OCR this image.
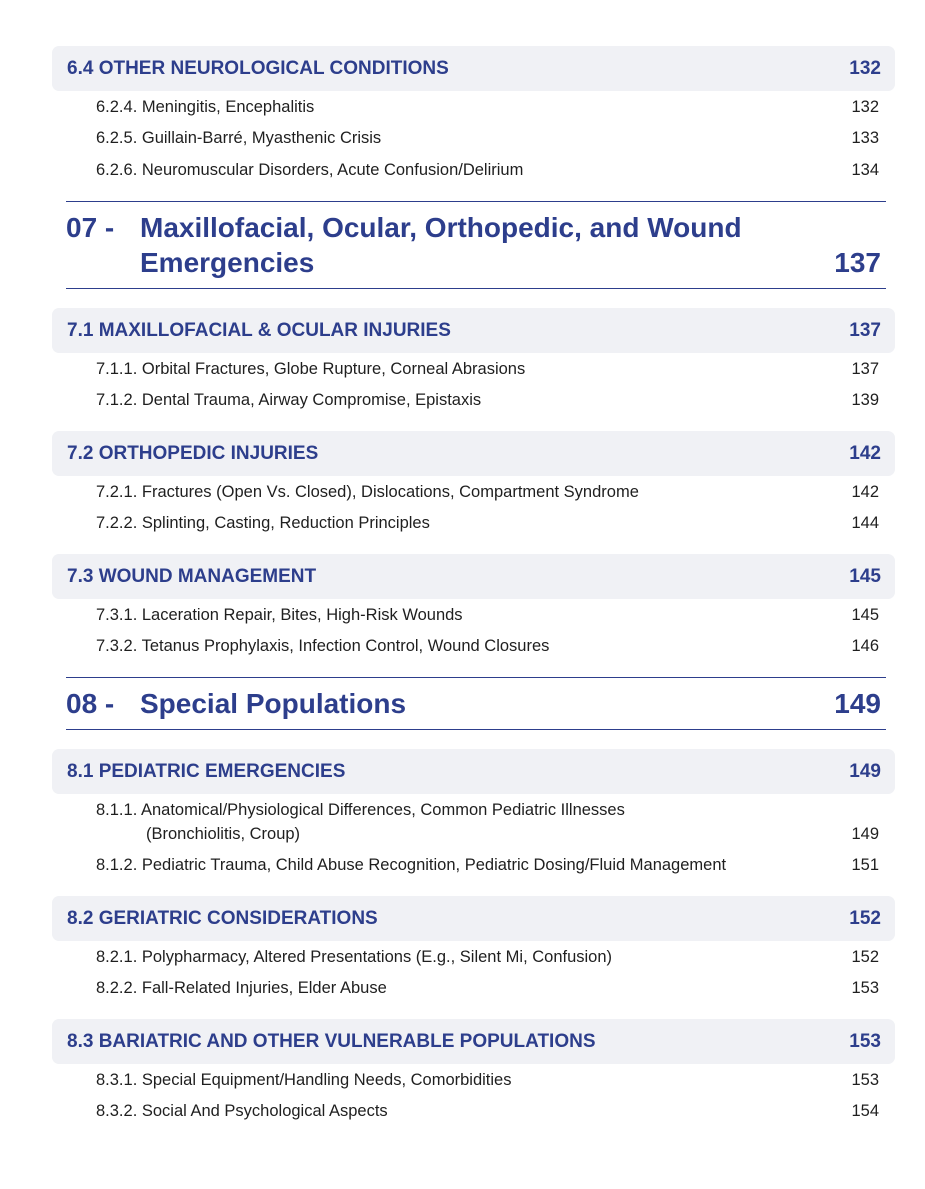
6.4 OTHER NEUROLOGICAL CONDITIONS	132
6.2.4. Meningitis, Encephalitis	132
6.2.5. Guillain-Barré, Myasthenic Crisis	133
6.2.6. Neuromuscular Disorders, Acute Confusion/Delirium	134
07 - Maxillofacial, Ocular, Orthopedic, and Wound Emergencies	137
7.1 MAXILLOFACIAL & OCULAR INJURIES	137
7.1.1. Orbital Fractures, Globe Rupture, Corneal Abrasions	137
7.1.2. Dental Trauma, Airway Compromise, Epistaxis	139
7.2 ORTHOPEDIC INJURIES	142
7.2.1. Fractures (Open Vs. Closed), Dislocations, Compartment Syndrome	142
7.2.2. Splinting, Casting, Reduction Principles	144
7.3 WOUND MANAGEMENT	145
7.3.1. Laceration Repair, Bites, High-Risk Wounds	145
7.3.2. Tetanus Prophylaxis, Infection Control, Wound Closures	146
08 - Special Populations	149
8.1 PEDIATRIC EMERGENCIES	149
8.1.1. Anatomical/Physiological Differences, Common Pediatric Illnesses
(Bronchiolitis, Croup)	149
8.1.2. Pediatric Trauma, Child Abuse Recognition, Pediatric Dosing/Fluid Management	151
8.2 GERIATRIC CONSIDERATIONS	152
8.2.1. Polypharmacy, Altered Presentations (E.g., Silent Mi, Confusion)	152
8.2.2. Fall-Related Injuries, Elder Abuse	153
8.3 BARIATRIC AND OTHER VULNERABLE POPULATIONS	153
8.3.1. Special Equipment/Handling Needs, Comorbidities	153
8.3.2. Social And Psychological Aspects	154
